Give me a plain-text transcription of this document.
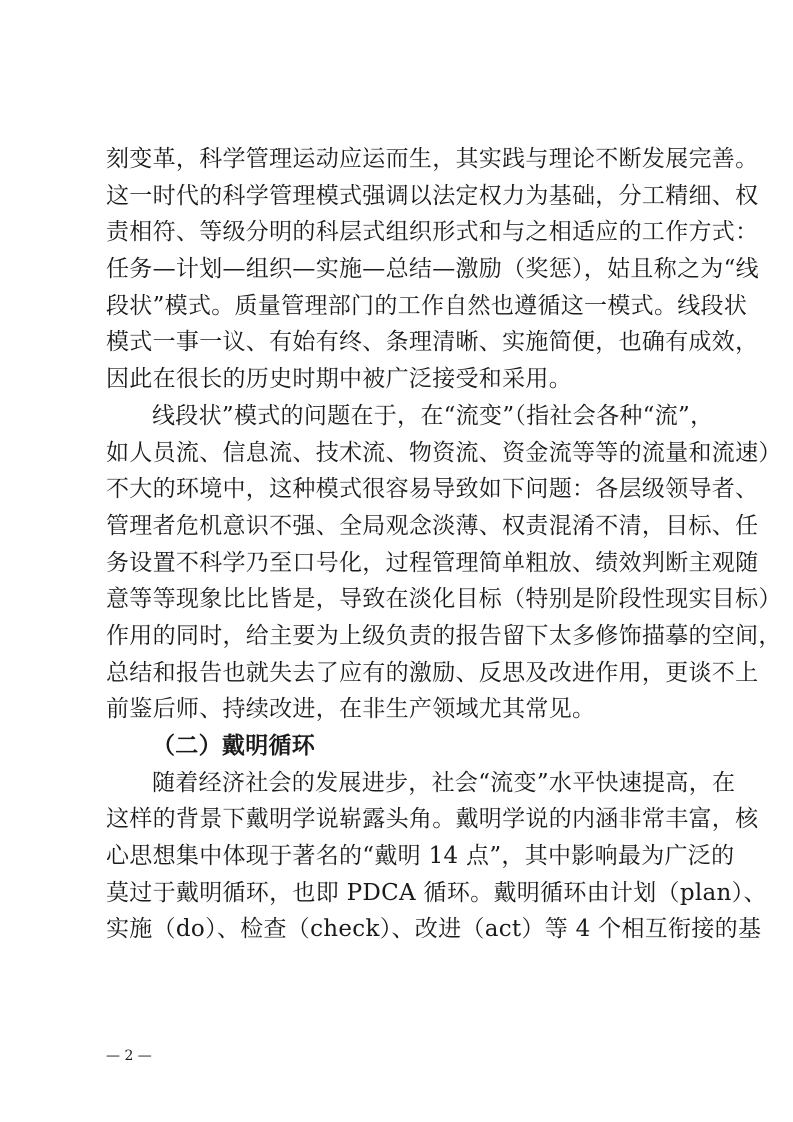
刻变革，科学管理运动应运而生，其实践与理论不断发展完善。
这一时代的科学管理模式强调以法定权力为基础，分工精细、权
责相符、等级分明的科层式组织形式和与之相适应的工作方式：
任务—计划—组织—实施—总结—激励（奖惩），姑且称之为“线
段状”模式。质量管理部门的工作自然也遵循这一模式。线段状
模式一事一议、有始有终、条理清晰、实施简便，也确有成效，
因此在很长的历史时期中被广泛接受和采用。
线段状”模式的问题在于，在“流变”（指社会各种“流”，
如人员流、信息流、技术流、物资流、资金流等等的流量和流速）
不大的环境中，这种模式很容易导致如下问题：各层级领导者、
管理者危机意识不强、全局观念淡薄、权责混淆不清，目标、任
务设置不科学乃至口号化，过程管理简单粗放、绩效判断主观随
意等等现象比比皆是，导致在淡化目标（特别是阶段性现实目标）
作用的同时，给主要为上级负责的报告留下太多修饰描摹的空间，
总结和报告也就失去了应有的激励、反思及改进作用，更谈不上
前鉴后师、持续改进，在非生产领域尤其常见。
（二）戴明循环
随着经济社会的发展进步，社会“流变”水平快速提高，在
这样的背景下戴明学说崭露头角。戴明学说的内涵非常丰富，核
心思想集中体现于著名的“戴明 14 点”，其中影响最为广泛的
莫过于戴明循环，也即 PDCA 循环。戴明循环由计划（plan）、
实施（do）、检查（check）、改进（act）等 4 个相互衔接的基
— 2 —
